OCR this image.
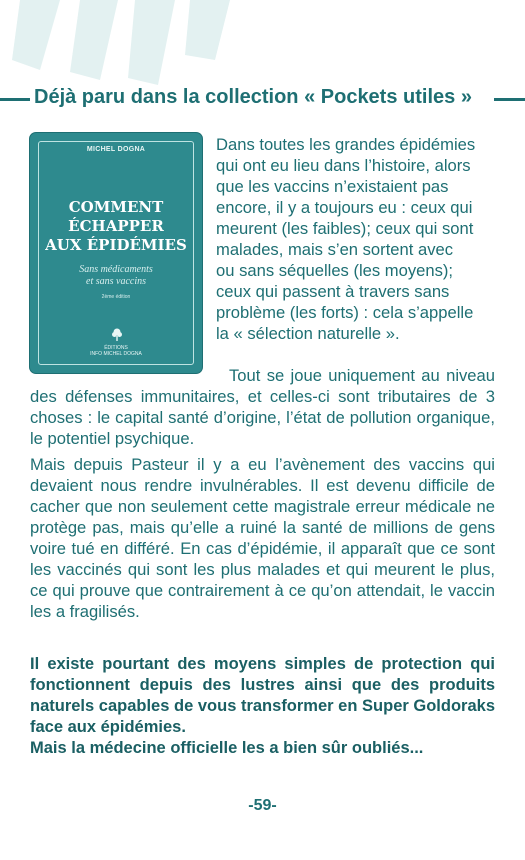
Déjà paru dans la collection « Pockets utiles »
MICHEL DOGNA
COMMENT
ÉCHAPPER
AUX ÉPIDÉMIES
Sans médicaments
et sans vaccins
2ème édition
ÉDITIONS
INFO MICHEL DOGNA
Dans toutes les grandes épidémies
qui ont eu lieu dans l’histoire, alors
que les vaccins n’existaient pas
encore, il y a toujours eu : ceux qui
meurent (les faibles); ceux qui sont
malades, mais s’en sortent avec
ou sans séquelles (les moyens);
ceux qui passent à travers sans
problème (les forts) : cela s’appelle
la « sélection naturelle ».
Tout se joue uniquement au niveau des défenses immunitaires, et celles-ci sont tributaires de 3 choses : le capital santé d’origine, l’état de pollution organique, le potentiel psychique.
Mais depuis Pasteur il y a eu l’avènement des vaccins qui devaient nous rendre invulnérables. Il est devenu difficile de cacher que non seulement cette magistrale erreur médicale ne protège pas, mais qu’elle a ruiné la santé de millions de gens voire tué en différé. En cas d’épidémie, il apparaît que ce sont les vaccinés qui sont les plus malades et qui meurent le plus, ce qui prouve que contrairement à ce qu’on attendait, le vaccin les a fragilisés.
Il existe pourtant des moyens simples de protection qui fonctionnent depuis des lustres ainsi que des produits naturels capables de vous transformer en Super Goldoraks face aux épidémies.
Mais la médecine officielle les a bien sûr oubliés...
-59-
